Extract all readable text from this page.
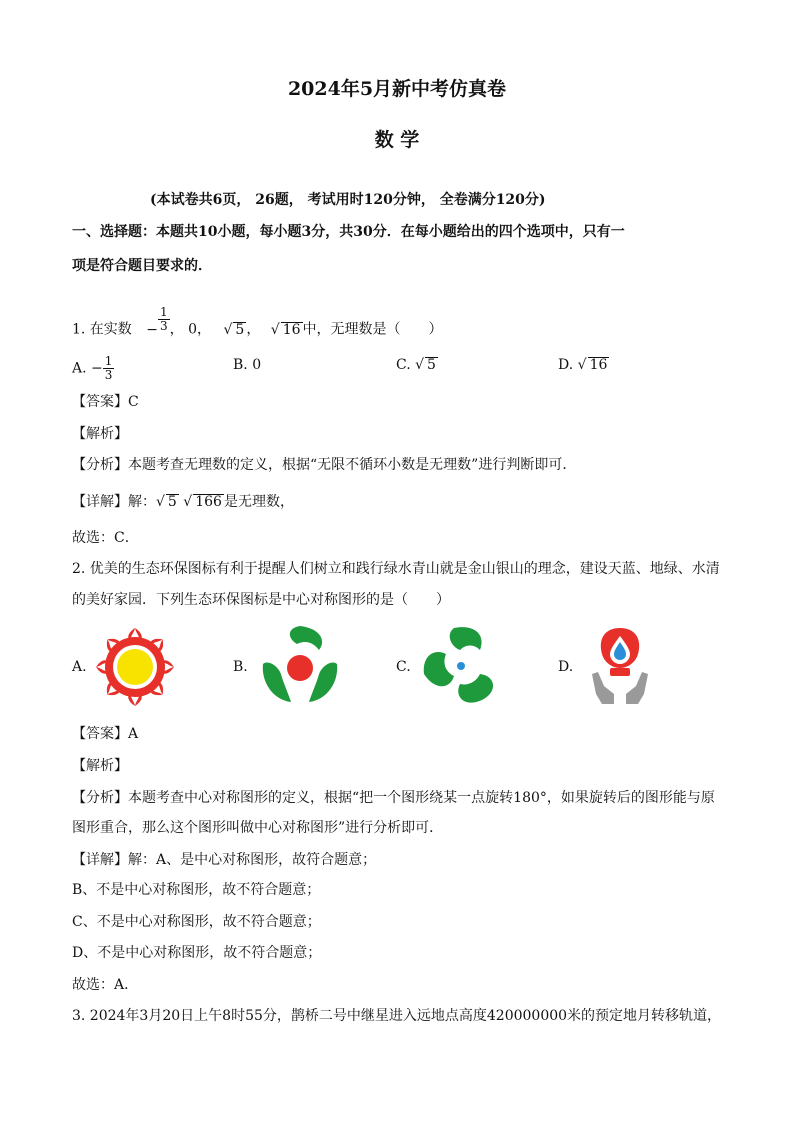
2024年5月新中考仿真卷
数 学
(本试卷共6页， 26题， 考试用时120分钟， 全卷满分120分)
一、选择题：本题共10小题，每小题3分，共30分．在每小题给出的四个选项中，只有一
项是符合题目要求的．
1. 在实数 − $\frac{1}{3}$ ， 0， √ 5 ， √ 16 中，无理数是（　　）
A. − $\frac{1}{3}$	B. 0	C. √ 5	D. √ 16
【答案】C
【解析】
【分析】本题考查无理数的定义，根据“无限不循环小数是无理数”进行判断即可．
【详解】解：√ 5 √ 166 是无理数，
故选：C．
2. 优美的生态环保图标有利于提醒人们树立和践行绿水青山就是金山银山的理念，建设天蓝、地绿、水清
的美好家园．下列生态环保图标是中心对称图形的是（　　）
A.	B.	C.	D.
【答案】A
【解析】
【分析】本题考查中心对称图形的定义，根据“把一个图形绕某一点旋转180°，如果旋转后的图形能与原
图形重合，那么这个图形叫做中心对称图形”进行分析即可．
【详解】解：A、是中心对称图形，故符合题意；
B、不是中心对称图形，故不符合题意；
C、不是中心对称图形，故不符合题意；
D、不是中心对称图形，故不符合题意；
故选：A．
3. 2024年3月20日上午8时55分，鹊桥二号中继星进入远地点高度420000000米的预定地月转移轨道，
